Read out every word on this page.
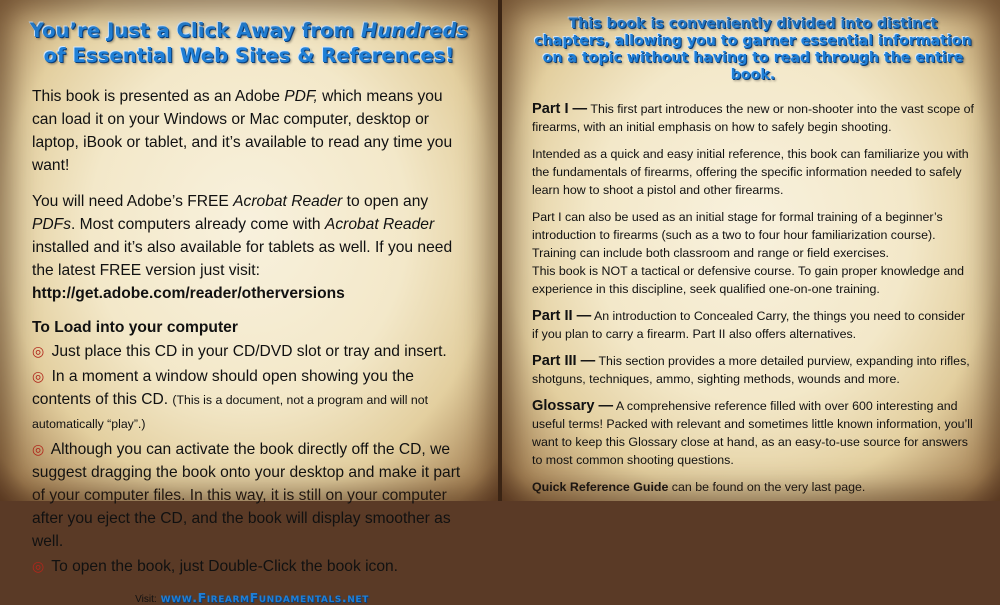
You’re Just a Click Away from Hundreds of Essential Web Sites & References!

This book is presented as an Adobe PDF, which means you can load it on your Windows or Mac computer, desktop or laptop, iBook or tablet, and it’s available to read any time you want!

You will need Adobe’s FREE Acrobat Reader to open any PDFs. Most computers already come with Acrobat Reader installed and it’s also available for tablets as well. If you need the latest FREE version just visit: http://get.adobe.com/reader/otherversions

To Load into your computer
◎ Just place this CD in your CD/DVD slot or tray and insert.
◎ In a moment a window should open showing you the contents of this CD. (This is a document, not a program and will not automatically “play”.)
◎ Although you can activate the book directly off the CD, we suggest dragging the book onto your desktop and make it part of your computer files. In this way, it is still on your computer after you eject the CD, and the book will display smoother as well.
◎ To open the book, just Double-Click the book icon.
Visit: www.FirearmFundamentals.net
This book is conveniently divided into distinct chapters, allowing you to garner essential information on a topic without having to read through the entire book.

Part I — This first part introduces the new or non-shooter into the vast scope of firearms, with an initial emphasis on how to safely begin shooting.

Intended as a quick and easy initial reference, this book can familiarize you with the fundamentals of firearms, offering the specific information needed to safely learn how to shoot a pistol and other firearms.

Part I can also be used as an initial stage for formal training of a beginner’s introduction to firearms (such as a two to four hour familiarization course). Training can include both classroom and range or field exercises.
This book is NOT a tactical or defensive course. To gain proper knowledge and experience in this discipline, seek qualified one-on-one training.

Part II — An introduction to Concealed Carry, the things you need to consider if you plan to carry a firearm. Part II also offers alternatives.

Part III — This section provides a more detailed purview, expanding into rifles, shotguns, techniques, ammo, sighting methods, wounds and more.

Glossary — A comprehensive reference filled with over 600 interesting and useful terms! Packed with relevant and sometimes little known information, you’ll want to keep this Glossary close at hand, as an easy-to-use source for answers to most common shooting questions.

Quick Reference Guide can be found on the very last page.
